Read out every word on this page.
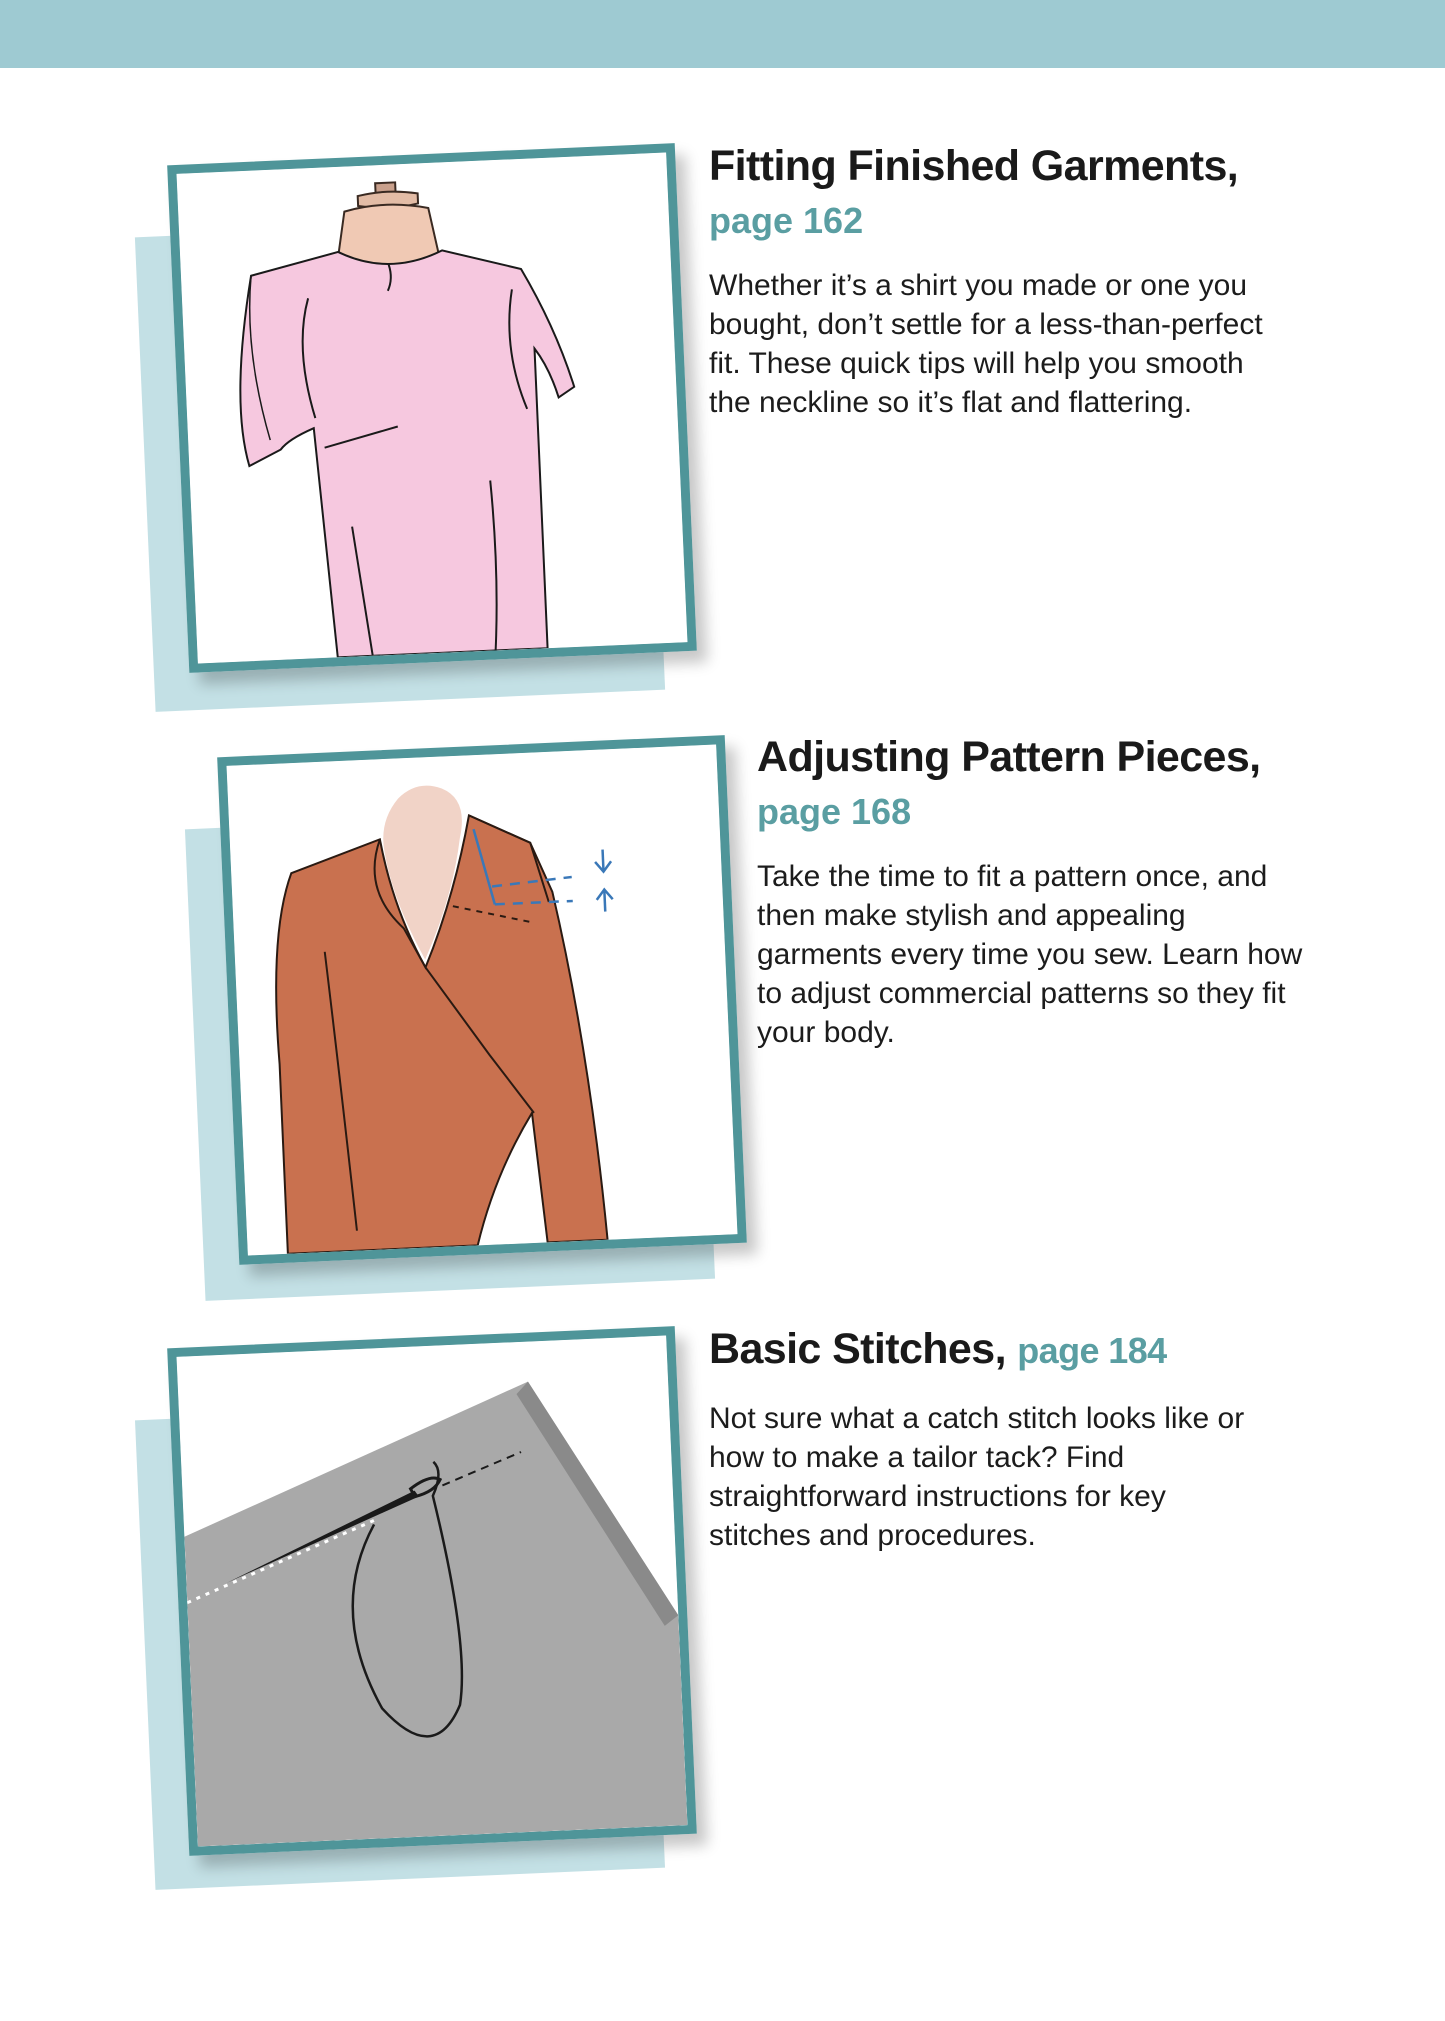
Fitting Finished Garments,

page 162

Whether it’s a shirt you made or one you bought, don’t settle for a less-than-perfect fit. These quick tips will help you smooth the neckline so it’s flat and flattering.

Adjusting Pattern Pieces,

page 168

Take the time to fit a pattern once, and then make stylish and appealing garments every time you sew. Learn how to adjust commercial patterns so they fit your body.

Basic Stitches, page 184

Not sure what a catch stitch looks like or how to make a tailor tack? Find straightforward instructions for key stitches and procedures.
